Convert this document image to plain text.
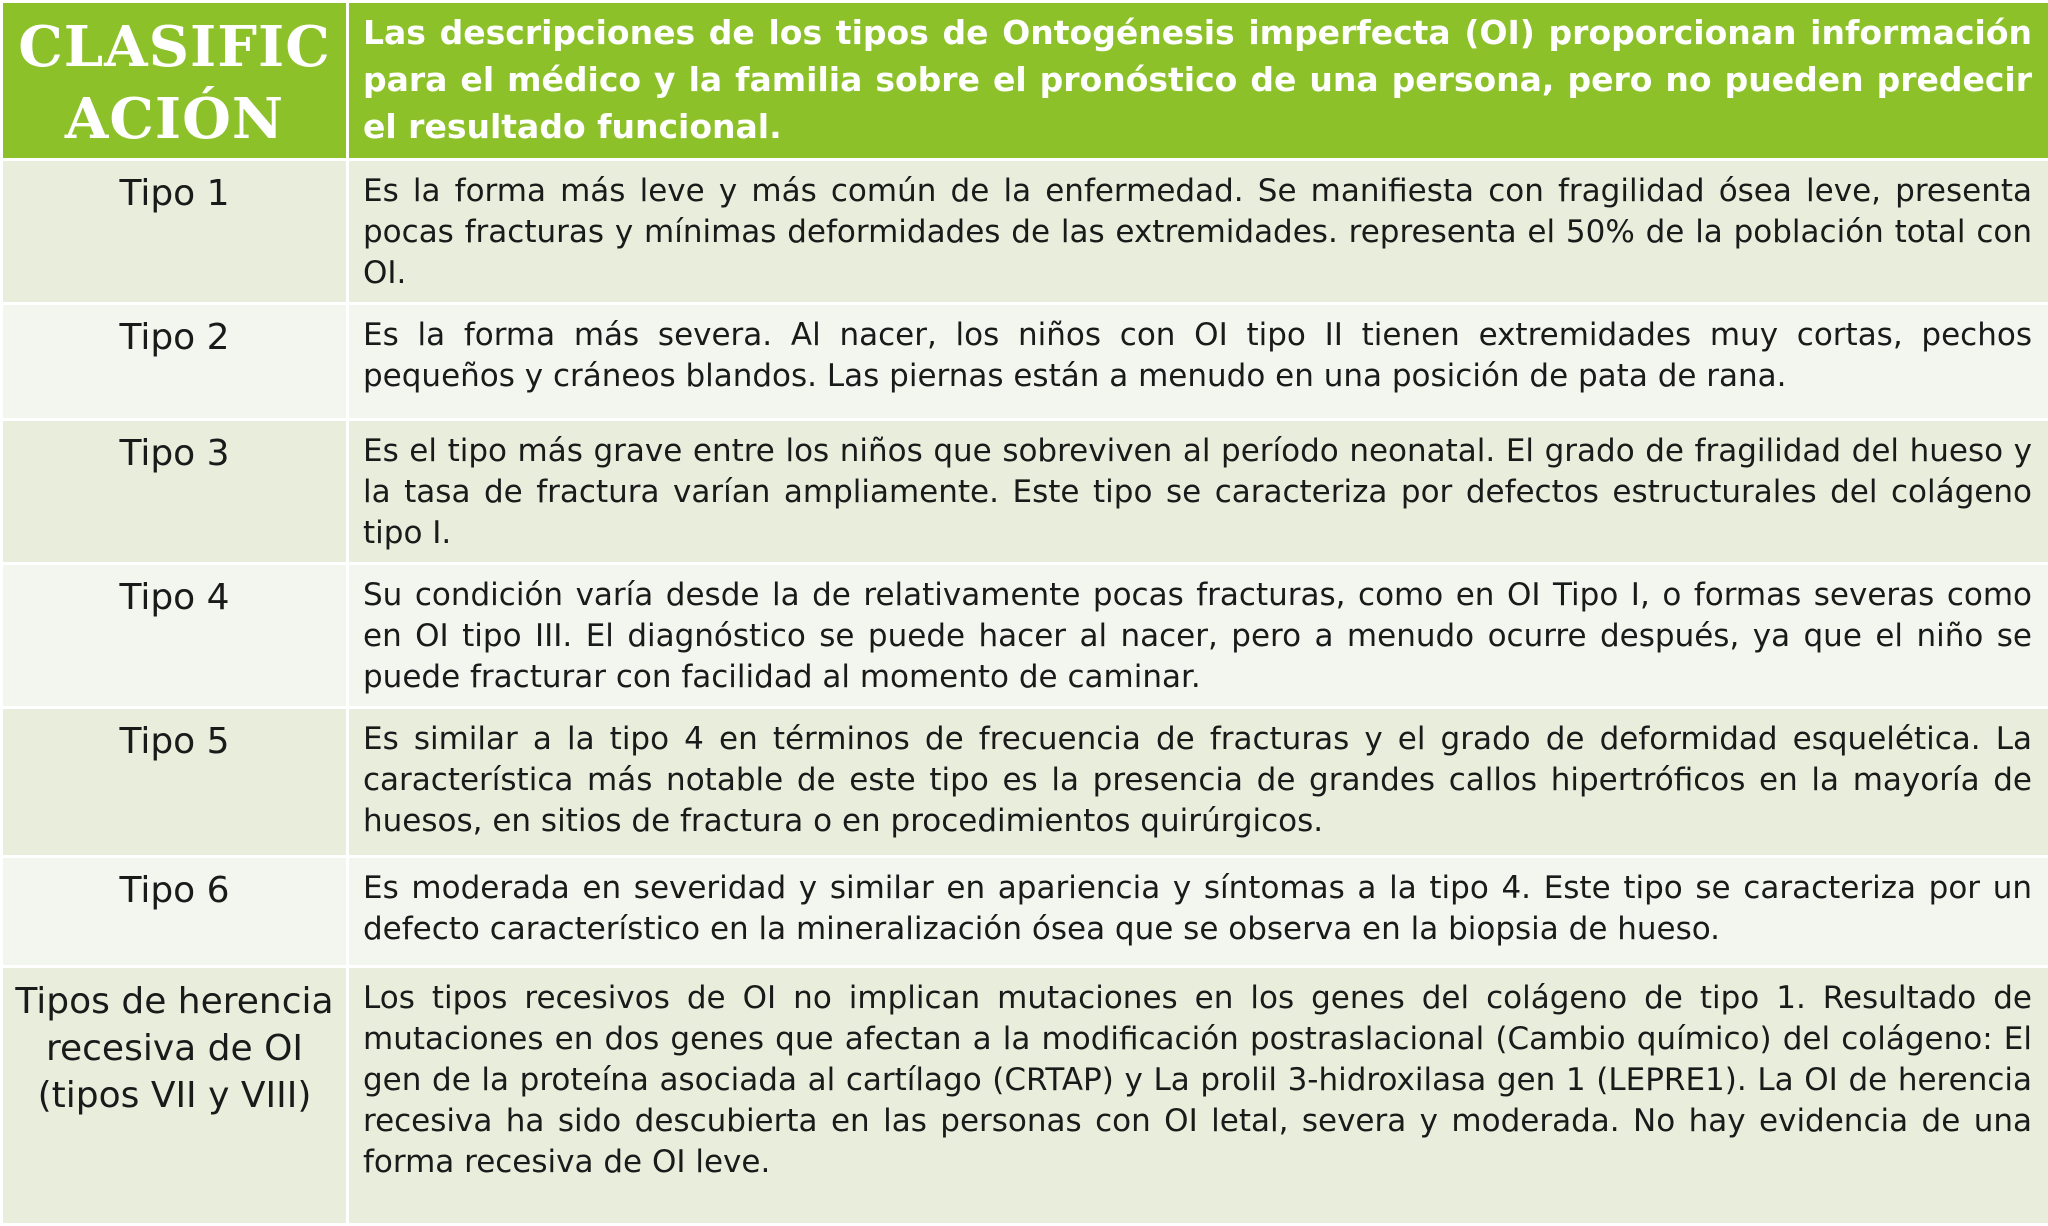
CLASIFICACIÓN	Las descripciones de los tipos de Ontogénesis imperfecta (OI) proporcionan información para el médico y la familia sobre el pronóstico de una persona, pero no pueden predecir el resultado funcional.

Tipo 1	Es la forma más leve y más común de la enfermedad. Se manifiesta con fragilidad ósea leve, presenta pocas fracturas y mínimas deformidades de las extremidades. representa el 50% de la población total con OI.

Tipo 2	Es la forma más severa. Al nacer, los niños con OI tipo II tienen extremidades muy cortas, pechos pequeños y cráneos blandos. Las piernas están a menudo en una posición de pata de rana.

Tipo 3	Es el tipo más grave entre los niños que sobreviven al período neonatal. El grado de fragilidad del hueso y la tasa de fractura varían ampliamente. Este tipo se caracteriza por defectos estructurales del colágeno tipo I.

Tipo 4	Su condición varía desde la de relativamente pocas fracturas, como en OI Tipo I, o formas severas como en OI tipo III. El diagnóstico se puede hacer al nacer, pero a menudo ocurre después, ya que el niño se puede fracturar con facilidad al momento de caminar.

Tipo 5	Es similar a la tipo 4 en términos de frecuencia de fracturas y el grado de deformidad esquelética. La característica más notable de este tipo es la presencia de grandes callos hipertróficos en la mayoría de huesos, en sitios de fractura o en procedimientos quirúrgicos.

Tipo 6	Es moderada en severidad y similar en apariencia y síntomas a la tipo 4. Este tipo se caracteriza por un defecto característico en la mineralización ósea que se observa en la biopsia de hueso.

Tipos de herencia recesiva de OI (tipos VII y VIII)	Los tipos recesivos de OI no implican mutaciones en los genes del colágeno de tipo 1. Resultado de mutaciones en dos genes que afectan a la modificación postraslacional (Cambio químico) del colágeno: El gen de la proteína asociada al cartílago (CRTAP) y La prolil 3-hidroxilasa gen 1 (LEPRE1). La OI de herencia recesiva ha sido descubierta en las personas con OI letal, severa y moderada. No hay evidencia de una forma recesiva de OI leve.
